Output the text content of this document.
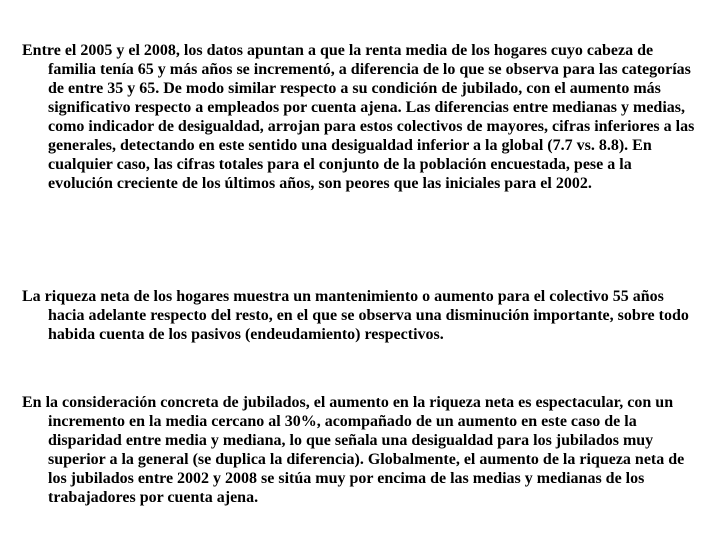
Entre el 2005 y el 2008, los datos apuntan a que la renta media de los hogares cuyo cabeza de familia tenía 65 y más años se incrementó, a diferencia de lo que se observa para las categorías de entre 35 y 65. De modo similar respecto a su condición de jubilado, con el aumento más significativo respecto a empleados por cuenta ajena. Las diferencias entre medianas y medias, como indicador de desigualdad, arrojan para estos colectivos de mayores, cifras inferiores a las generales, detectando en este sentido una desigualdad inferior a la global (7.7 vs. 8.8). En cualquier caso, las cifras totales para el conjunto de la población encuestada, pese a la evolución creciente de los últimos años, son peores que las iniciales para el 2002.

La riqueza neta de los hogares muestra un mantenimiento o aumento para el colectivo 55 años hacia adelante respecto del resto, en el que se observa una disminución importante, sobre todo habida cuenta de los pasivos (endeudamiento) respectivos.

En la consideración concreta de jubilados, el aumento en la riqueza neta es espectacular, con un incremento en la media cercano al 30%, acompañado de un aumento en este caso de la disparidad entre media y mediana, lo que señala una desigualdad para los jubilados muy superior a la general (se duplica la diferencia). Globalmente, el aumento de la riqueza neta de los jubilados entre 2002 y 2008 se sitúa muy por encima de las medias y medianas de los trabajadores por cuenta ajena.
